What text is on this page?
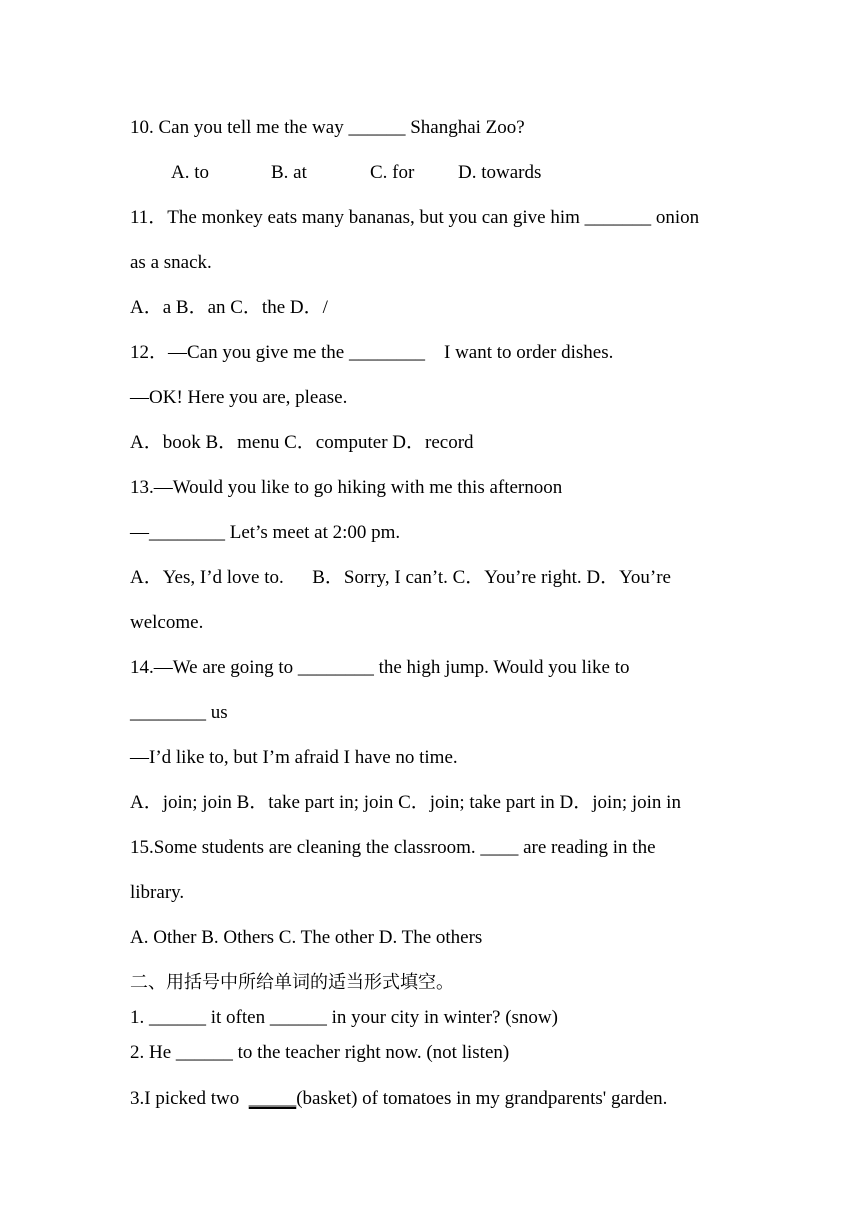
10. Can you tell me the way ______ Shanghai Zoo?
A. to	B. at	C. for D. towards
11．The monkey eats many bananas, but you can give him _______ onion
as a snack.
A．a B．an C．the D．/
12．—Can you give me the ________    I want to order dishes.
—OK! Here you are, please.
A．book B．menu C．computer D．record
13.—Would you like to go hiking with me this afternoon
—________ Let’s meet at 2:00 pm.
A．Yes, I’d love to.      B．Sorry, I can’t. C．You’re right. D．You’re
welcome.
14.—We are going to ________ the high jump. Would you like to
________ us
—I’d like to, but I’m afraid I have no time.
A．join; join B．take part in; join C．join; take part in D．join; join in
15.Some students are cleaning the classroom. ____ are reading in the
library.
A. Other B. Others C. The other D. The others
二、用括号中所给单词的适当形式填空。
1. ______ it often ______ in your city in winter? (snow)
2. He ______ to the teacher right now. (not listen)
3.I picked two  _____(basket) of tomatoes in my grandparents' garden.
